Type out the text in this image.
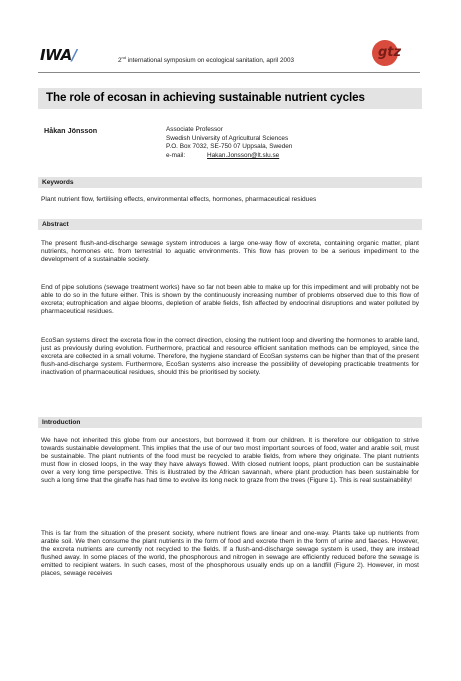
IWA/	2nd international symposium on ecological sanitation, april 2003
gtz
The role of ecosan in achieving sustainable nutrient cycles
Håkan Jönsson	Associate Professor
Swedish University of Agricultural Sciences
P.O. Box 7032, SE-750 07 Uppsala, Sweden
e-mail:	Hakan.Jonsson@lt.slu.se
Keywords
Plant nutrient flow, fertilising effects, environmental effects, hormones, pharmaceutical residues
Abstract
The present flush-and-discharge sewage system introduces a large one-way flow of excreta, containing organic matter, plant nutrients, hormones etc. from terrestrial to aquatic environments. This flow has proven to be a serious impediment to the development of a sustainable society.
End of pipe solutions (sewage treatment works) have so far not been able to make up for this impediment and will probably not be able to do so in the future either. This is shown by the continuously increasing number of problems observed due to this flow of excreta; eutrophication and algae blooms, depletion of arable fields, fish affected by endocrinal disruptions and water polluted by pharmaceutical residues.
EcoSan systems direct the excreta flow in the correct direction, closing the nutrient loop and diverting the hormones to arable land, just as previously during evolution. Furthermore, practical and resource efficient sanitation methods can be employed, since the excreta are collected in a small volume. Therefore, the hygiene standard of EcoSan systems can be higher than that of the present flush-and-discharge system. Furthermore, EcoSan systems also increase the possibility of developing practicable treatments for inactivation of pharmaceutical residues, should this be prioritised by society.
Introduction
We have not inherited this globe from our ancestors, but borrowed it from our children. It is therefore our obligation to strive towards sustainable development. This implies that the use of our two most important sources of food, water and arable soil, must be sustainable. The plant nutrients of the food must be recycled to arable fields, from where they originate. The plant nutrients must flow in closed loops, in the way they have always flowed. With closed nutrient loops, plant production can be sustainable over a very long time perspective. This is illustrated by the African savannah, where plant production has been sustainable for such a long time that the giraffe has had time to evolve its long neck to graze from the trees (Figure 1). This is real sustainability!
This is far from the situation of the present society, where nutrient flows are linear and one-way. Plants take up nutrients from arable soil. We then consume the plant nutrients in the form of food and excrete them in the form of urine and faeces. However, the excreta nutrients are currently not recycled to the fields. If a flush-and-discharge sewage system is used, they are instead flushed away. In some places of the world, the phosphorous and nitrogen in sewage are efficiently reduced before the sewage is emitted to recipient waters. In such cases, most of the phosphorous usually ends up on a landfill (Figure 2). However, in most places, sewage receives
